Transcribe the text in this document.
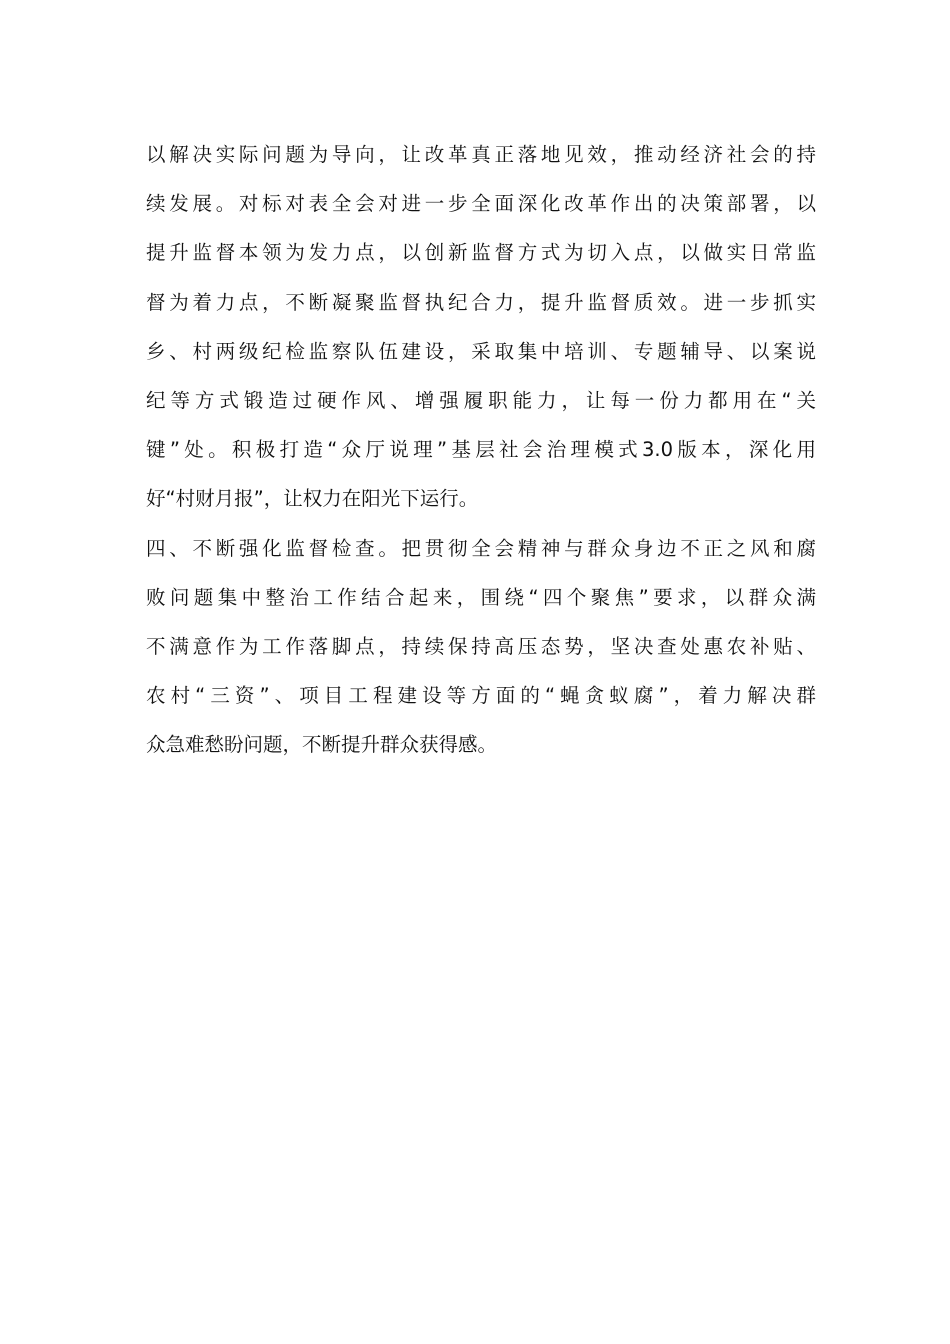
以解决实际问题为导向，让改革真正落地见效，推动经济社会的持
续发展。对标对表全会对进一步全面深化改革作出的决策部署，以
提升监督本领为发力点，以创新监督方式为切入点，以做实日常监
督为着力点，不断凝聚监督执纪合力，提升监督质效。进一步抓实
乡、村两级纪检监察队伍建设，采取集中培训、专题辅导、以案说
纪等方式锻造过硬作风、增强履职能力，让每一份力都用在“关
键”处。积极打造“众厅说理”基层社会治理模式3.0版本，深化用
好“村财月报”，让权力在阳光下运行。
四、不断强化监督检查。把贯彻全会精神与群众身边不正之风和腐
败问题集中整治工作结合起来，围绕“四个聚焦”要求，以群众满
不满意作为工作落脚点，持续保持高压态势，坚决查处惠农补贴、
农村“三资”、项目工程建设等方面的“蝇贪蚁腐”，着力解决群
众急难愁盼问题，不断提升群众获得感。
